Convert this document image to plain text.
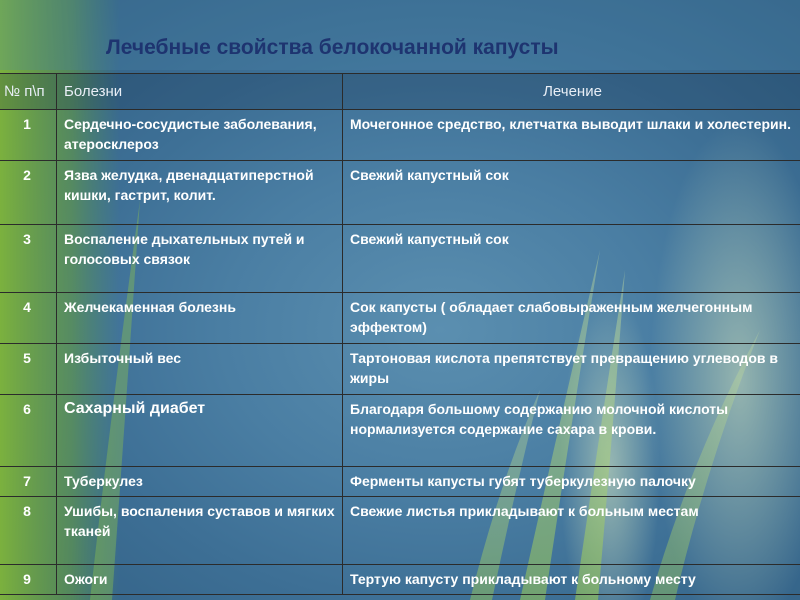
Лечебные свойства белокочанной капусты
№ п\п	Болезни	Лечение
1	Сердечно-сосудистые заболевания, атеросклероз	Мочегонное средство, клетчатка выводит шлаки и холестерин.
2	Язва желудка, двенадцатиперстной кишки, гастрит, колит.	Свежий капустный сок
3	Воспаление дыхательных путей и голосовых связок	Свежий капустный сок
4	Желчекаменная болезнь	Сок капусты ( обладает слабовыраженным желчегонным эффектом)
5	Избыточный вес	Тартоновая кислота препятствует превращению углеводов в жиры
6	Сахарный диабет	Благодаря большому содержанию молочной кислоты нормализуется содержание сахара в крови.
7	Туберкулез	Ферменты капусты губят туберкулезную палочку
8	Ушибы, воспаления суставов и мягких тканей	Свежие листья прикладывают к больным местам
9	Ожоги	Тертую капусту прикладывают к больному месту
